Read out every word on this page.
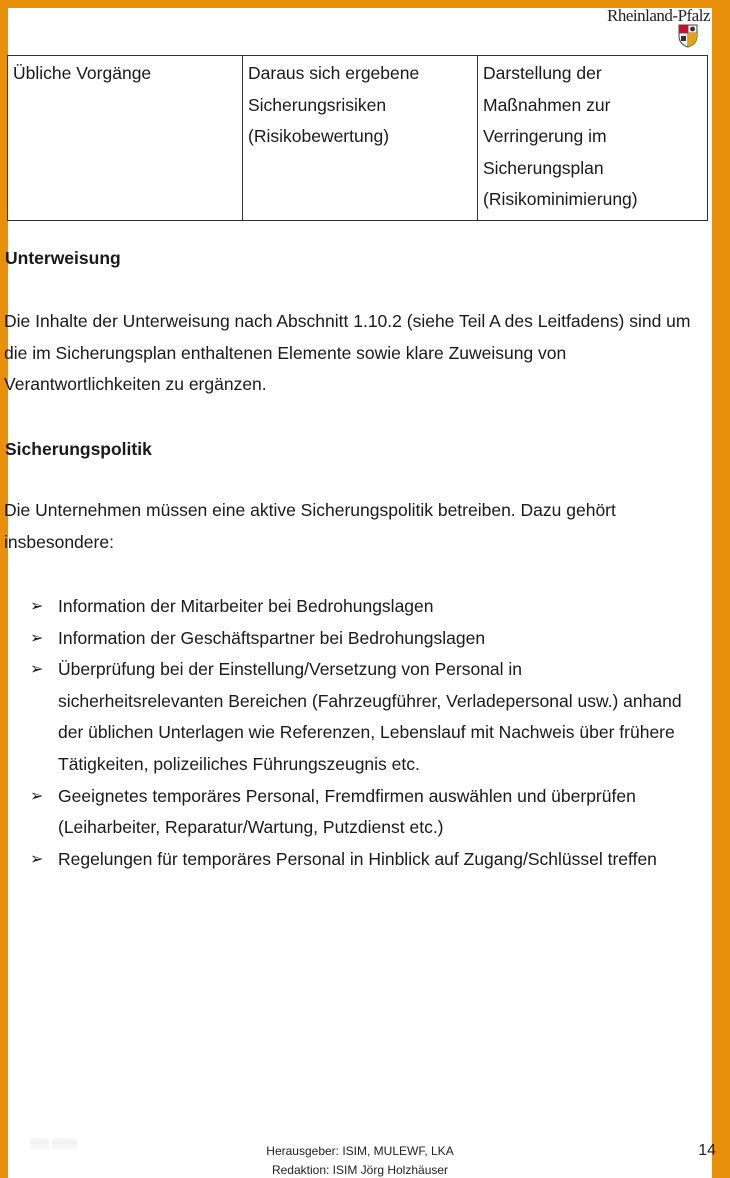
Rheinland-Pfalz
Übliche Vorgänge	Daraus sich ergebene Sicherungsrisiken (Risikobewertung)	Darstellung der Maßnahmen zur Verringerung im Sicherungsplan (Risikominimierung)
Unterweisung

Die Inhalte der Unterweisung nach Abschnitt 1.10.2 (siehe Teil A des Leitfadens) sind um die im Sicherungsplan enthaltenen Elemente sowie klare Zuweisung von Verantwortlichkeiten zu ergänzen.

Sicherungspolitik

Die Unternehmen müssen eine aktive Sicherungspolitik betreiben. Dazu gehört insbesondere:

➢ Information der Mitarbeiter bei Bedrohungslagen
➢ Information der Geschäftspartner bei Bedrohungslagen
➢ Überprüfung bei der Einstellung/Versetzung von Personal in
sicherheitsrelevanten Bereichen (Fahrzeugführer, Verladepersonal usw.) anhand
der üblichen Unterlagen wie Referenzen, Lebenslauf mit Nachweis über frühere
Tätigkeiten, polizeiliches Führungszeugnis etc.
➢ Geeignetes temporäres Personal, Fremdfirmen auswählen und überprüfen
(Leiharbeiter, Reparatur/Wartung, Putzdienst etc.)
➢ Regelungen für temporäres Personal in Hinblick auf Zugang/Schlüssel treffen
▒▒▒ ▒▒▒▒
Herausgeber: ISIM, MULEWF, LKA
Redaktion: ISIM Jörg Holzhäuser
14
